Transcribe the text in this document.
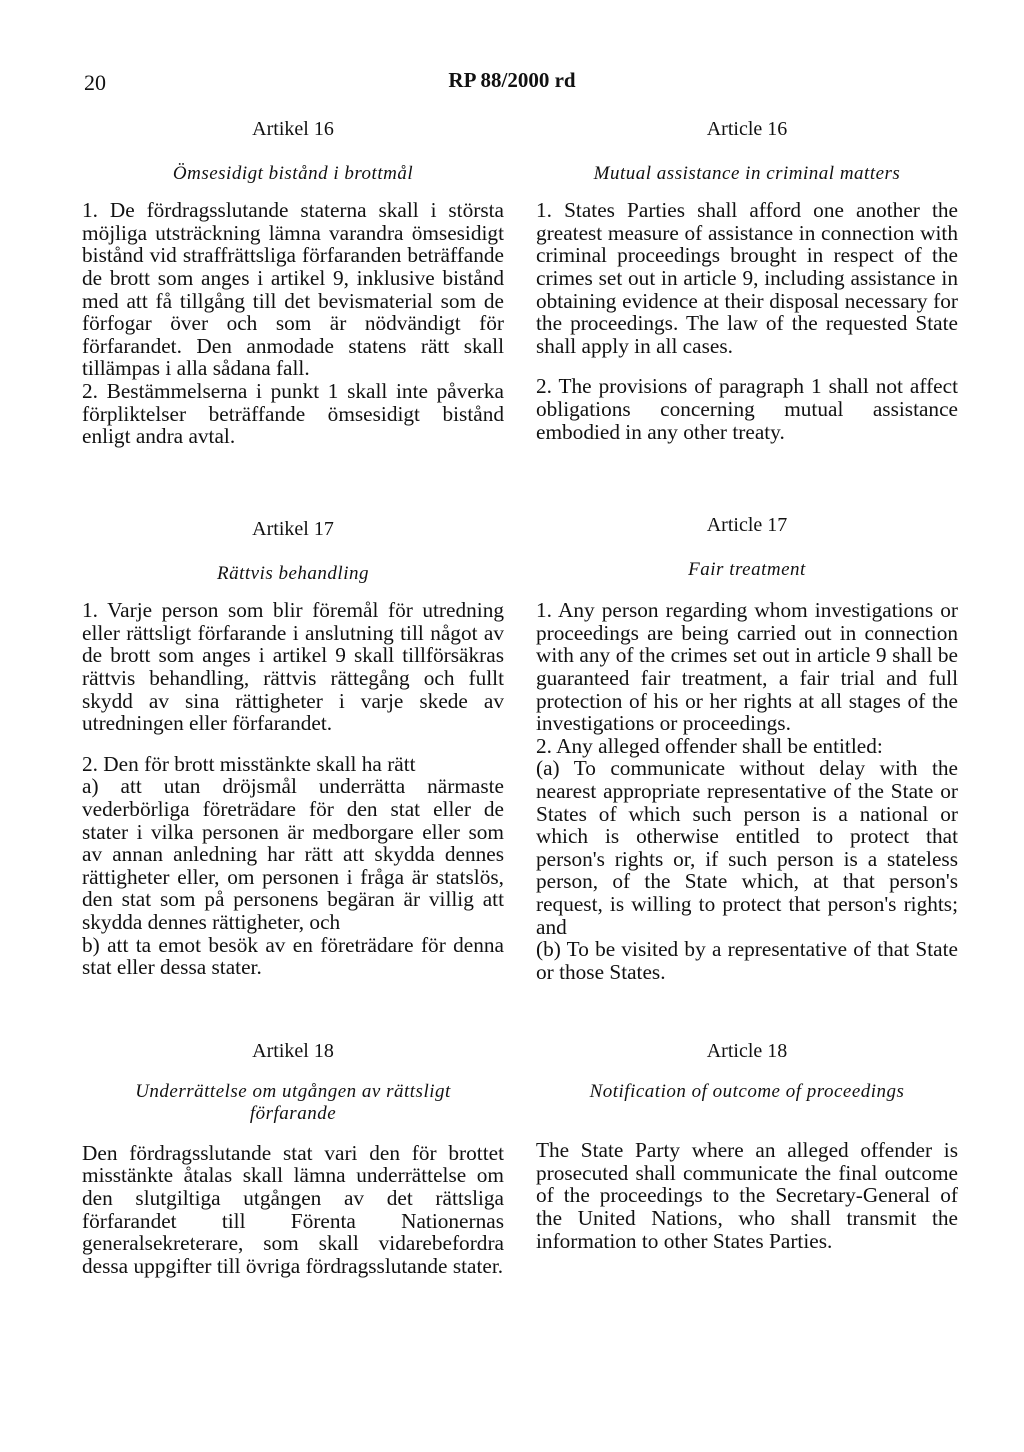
20	RP 88/2000 rd

Artikel 16

Ömsesidigt bistånd i brottmål

1. De fördragsslutande staterna skall i största möjliga utsträckning lämna varandra ömsesidigt bistånd vid straffrättsliga förfaranden beträffande de brott som anges i artikel 9, inklusive bistånd med att få tillgång till det bevismaterial som de förfogar över och som är nödvändigt för förfarandet. Den anmodade statens rätt skall tillämpas i alla sådana fall.

2. Bestämmelserna i punkt 1 skall inte påverka förpliktelser beträffande ömsesidigt bistånd enligt andra avtal.

Artikel 17

Rättvis behandling

1. Varje person som blir föremål för utredning eller rättsligt förfarande i anslutning till något av de brott som anges i artikel 9 skall tillförsäkras rättvis behandling, rättvis rättegång och fullt skydd av sina rättigheter i varje skede av utredningen eller förfarandet.

2. Den för brott misstänkte skall ha rätt

a) att utan dröjsmål underrätta närmaste vederbörliga företrädare för den stat eller de stater i vilka personen är medborgare eller som av annan anledning har rätt att skydda dennes rättigheter eller, om personen i fråga är statslös, den stat som på personens begäran är villig att skydda dennes rättigheter, och

b) att ta emot besök av en företrädare för denna stat eller dessa stater.

Artikel 18

Underrättelse om utgången av rättsligt

förfarande

Den fördragsslutande stat vari den för brottet misstänkte åtalas skall lämna underrättelse om den slutgiltiga utgången av det rättsliga förfarandet till Förenta Nationernas generalsekreterare, som skall vidarebefordra dessa uppgifter till övriga fördragsslutande stater.

Article 16

Mutual assistance in criminal matters

1. States Parties shall afford one another the greatest measure of assistance in connection with criminal proceedings brought in respect of the crimes set out in article 9, including assistance in obtaining evidence at their disposal necessary for the proceedings. The law of the requested State shall apply in all cases.

2. The provisions of paragraph 1 shall not affect obligations concerning mutual assistance embodied in any other treaty.

Article 17

Fair treatment

1. Any person regarding whom investigations or proceedings are being carried out in connection with any of the crimes set out in article 9 shall be guaranteed fair treatment, a fair trial and full protection of his or her rights at all stages of the investigations or proceedings.

2. Any alleged offender shall be entitled:

(a) To communicate without delay with the nearest appropriate representative of the State or States of which such person is a national or which is otherwise entitled to protect that person's rights or, if such person is a stateless person, of the State which, at that person's request, is willing to protect that person's rights; and

(b) To be visited by a representative of that State or those States.

Article 18

Notification of outcome of proceedings

The State Party where an alleged offender is prosecuted shall communicate the final outcome of the proceedings to the Secretary-General of the United Nations, who shall transmit the information to other States Parties.
